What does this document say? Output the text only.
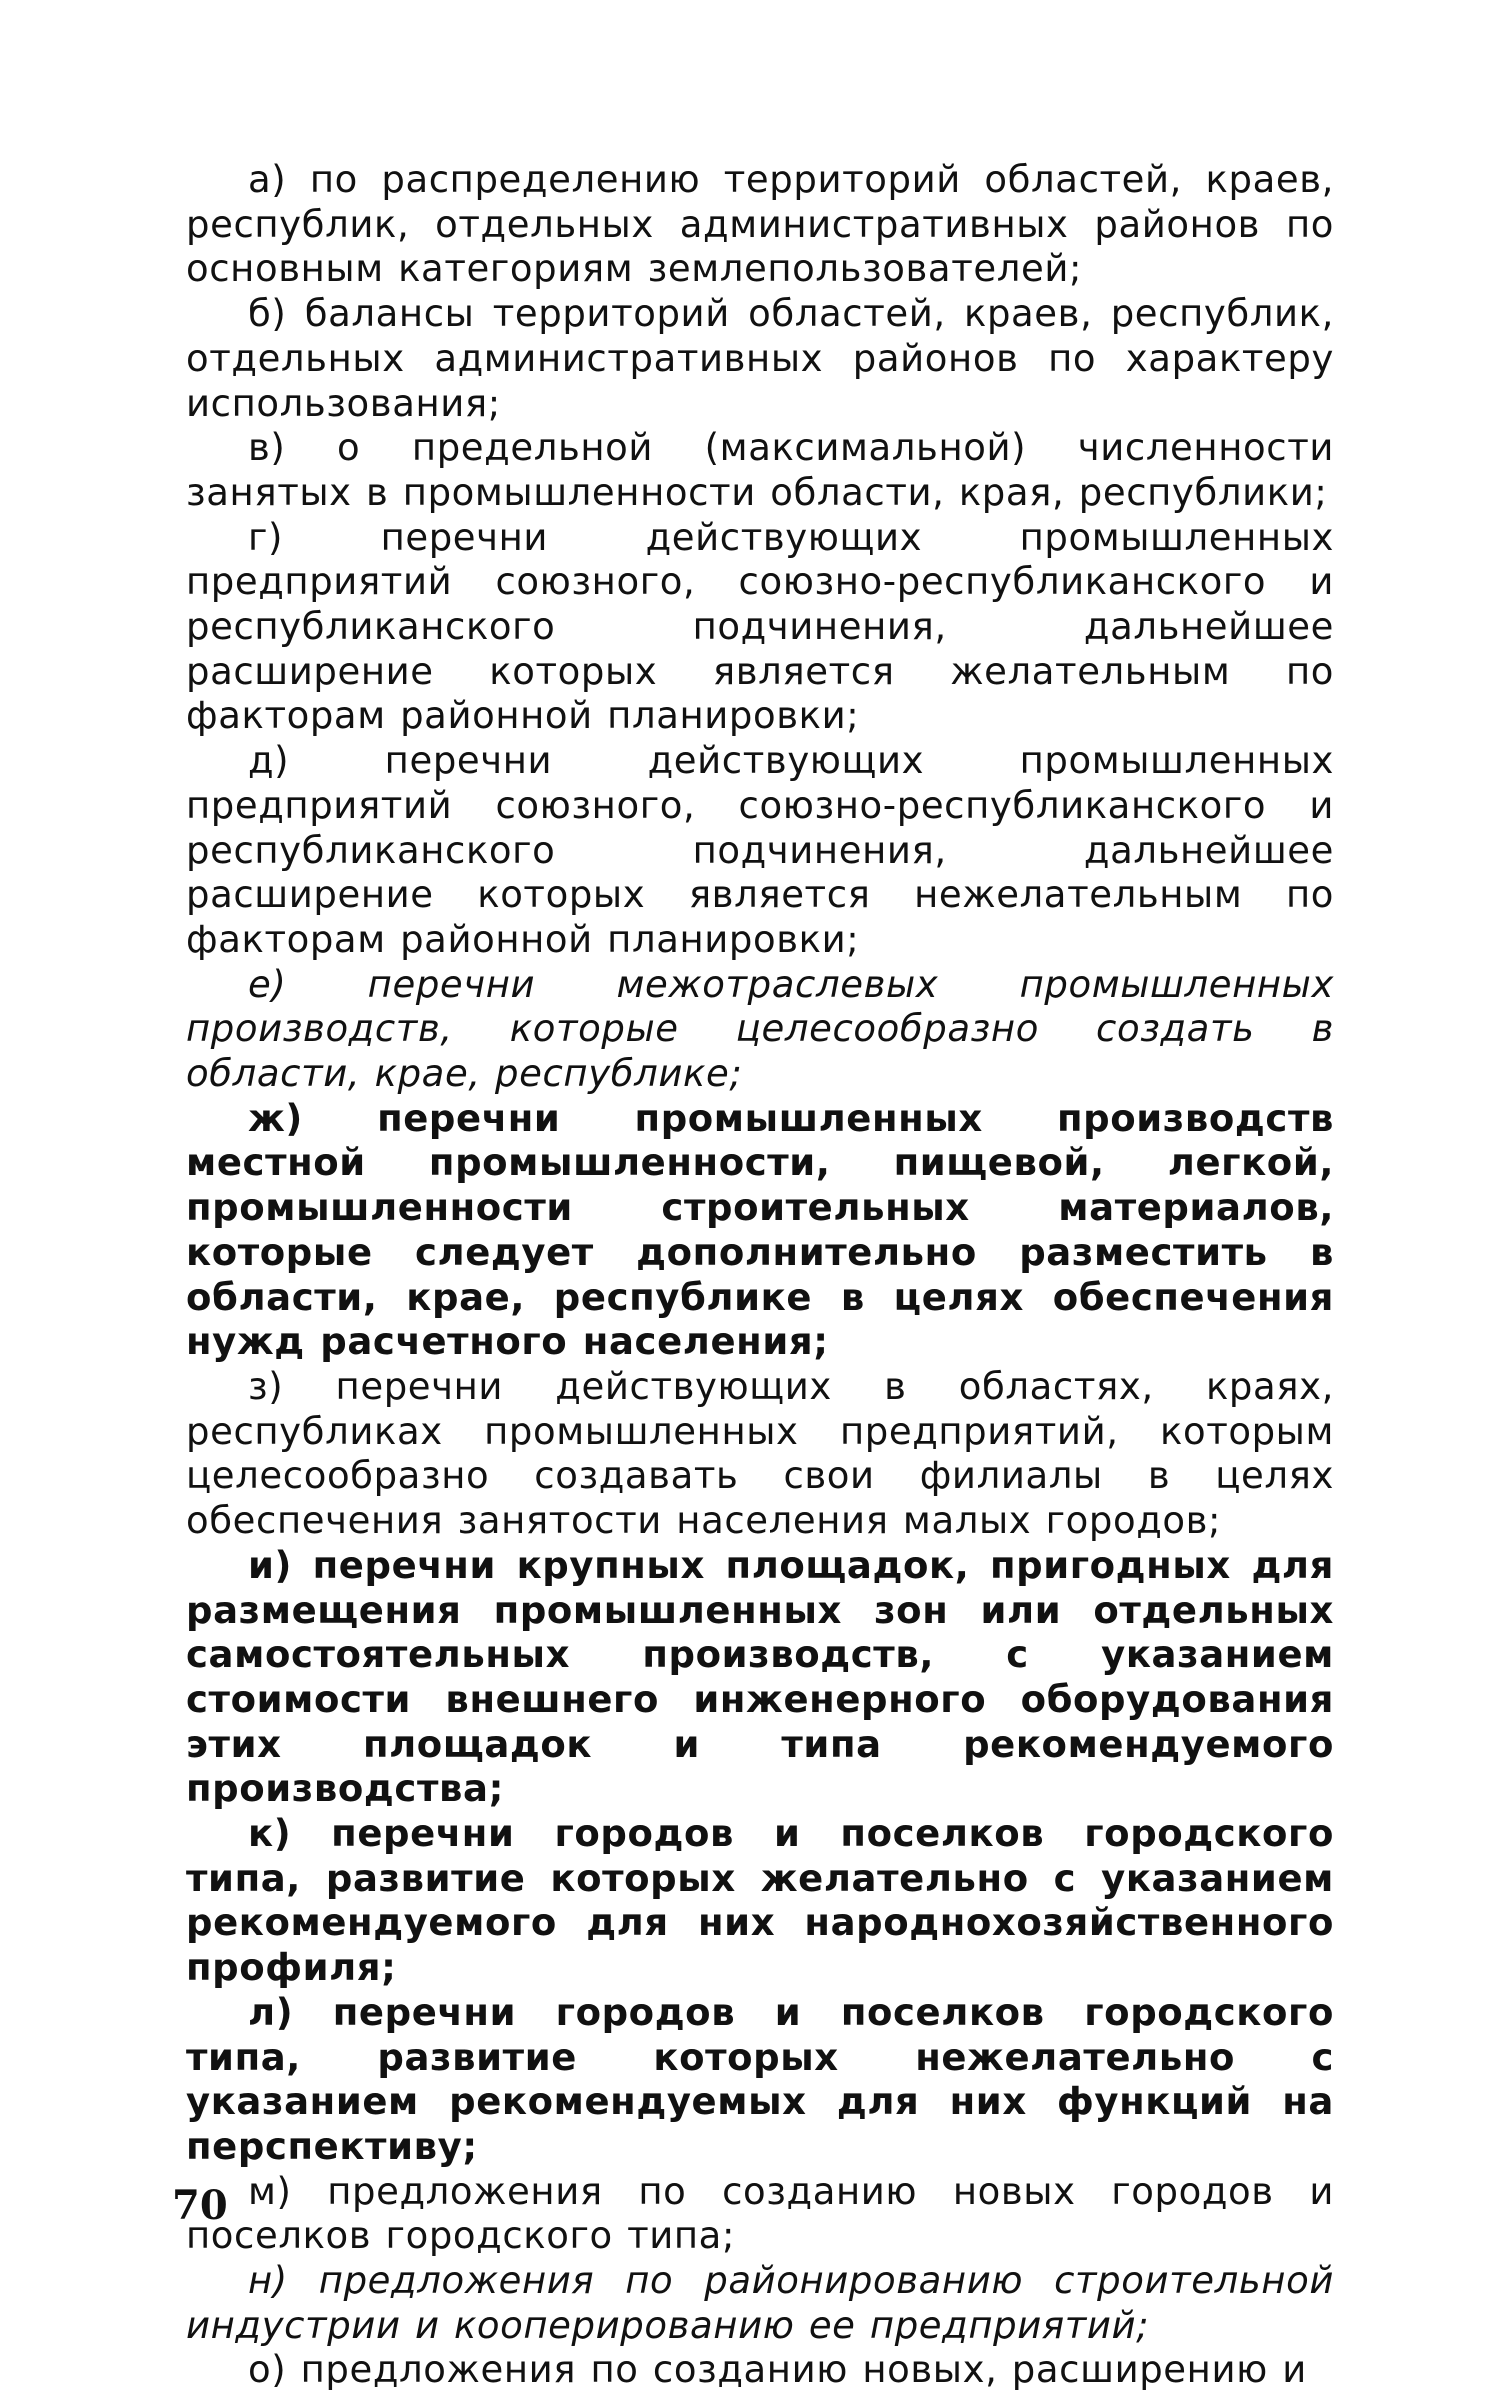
а) по распределению территорий областей, краев, республик, отдельных административных районов по основным категориям землепользователей;

б) балансы территорий областей, краев, республик, отдельных административных районов по характеру использования;

в) о предельной (максимальной) численности занятых в промышленности области, края, республики;

г) перечни действующих промышленных предприятий союзного, союзно-республиканского и республиканского подчинения, дальнейшее расширение которых является желательным по факторам районной планировки;

д) перечни действующих промышленных предприятий союзного, союзно-республиканского и республиканского подчинения, дальнейшее расширение которых является нежелательным по факторам районной планировки;

е) перечни межотраслевых промышленных производств, которые целесообразно создать в области, крае, республике;

ж) перечни промышленных производств местной промышленности, пищевой, легкой, промышленности строительных материалов, которые следует дополнительно разместить в области, крае, республике в целях обеспечения нужд расчетного населения;

з) перечни действующих в областях, краях, республиках промышленных предприятий, которым целесообразно создавать свои филиалы в целях обеспечения занятости населения малых городов;

и) перечни крупных площадок, пригодных для размещения промышленных зон или отдельных самостоятельных производств, с указанием стоимости внешнего инженерного оборудования этих площадок и типа рекомендуемого производства;

к) перечни городов и поселков городского типа, развитие которых желательно с указанием рекомендуемого для них народнохозяйственного профиля;

л) перечни городов и поселков городского типа, развитие которых нежелательно с указанием рекомендуемых для них функций на перспективу;

м) предложения по созданию новых городов и поселков городского типа;

н) предложения по районированию строительной индустрии и кооперированию ее предприятий;

о) предложения по созданию новых, расширению и

70
